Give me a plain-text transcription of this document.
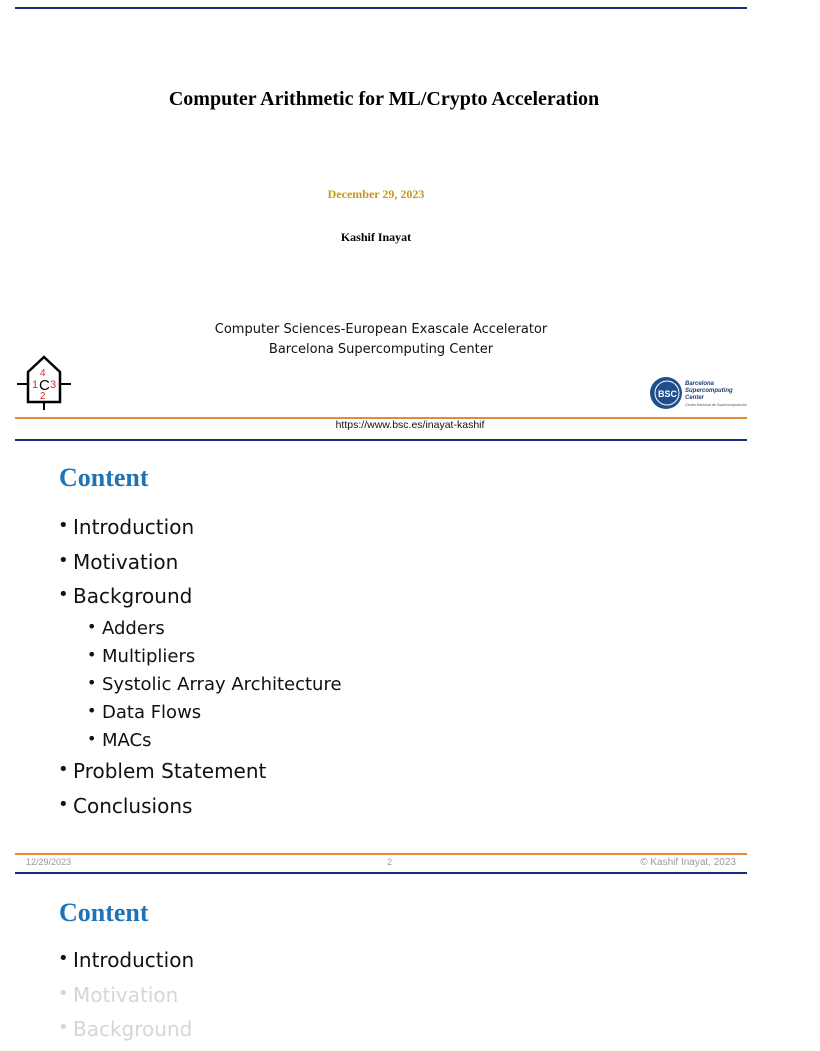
Computer Arithmetic for ML/Crypto Acceleration
December 29, 2023
Kashif Inayat
Computer Sciences-European Exascale Accelerator
Barcelona Supercomputing Center
1
4
C 3
2	BSC
Barcelona
Supercomputing
Center
Centro Nacional de Supercomputación
https://www.bsc.es/inayat-kashif
Content
• Introduction
• Motivation
• Background
• Adders
• Multipliers
• Systolic Array Architecture
• Data Flows
• MACs
• Problem Statement
• Conclusions
12/29/2023	2	© Kashif Inayat, 2023
Content
• Introduction
• Motivation
• Background
